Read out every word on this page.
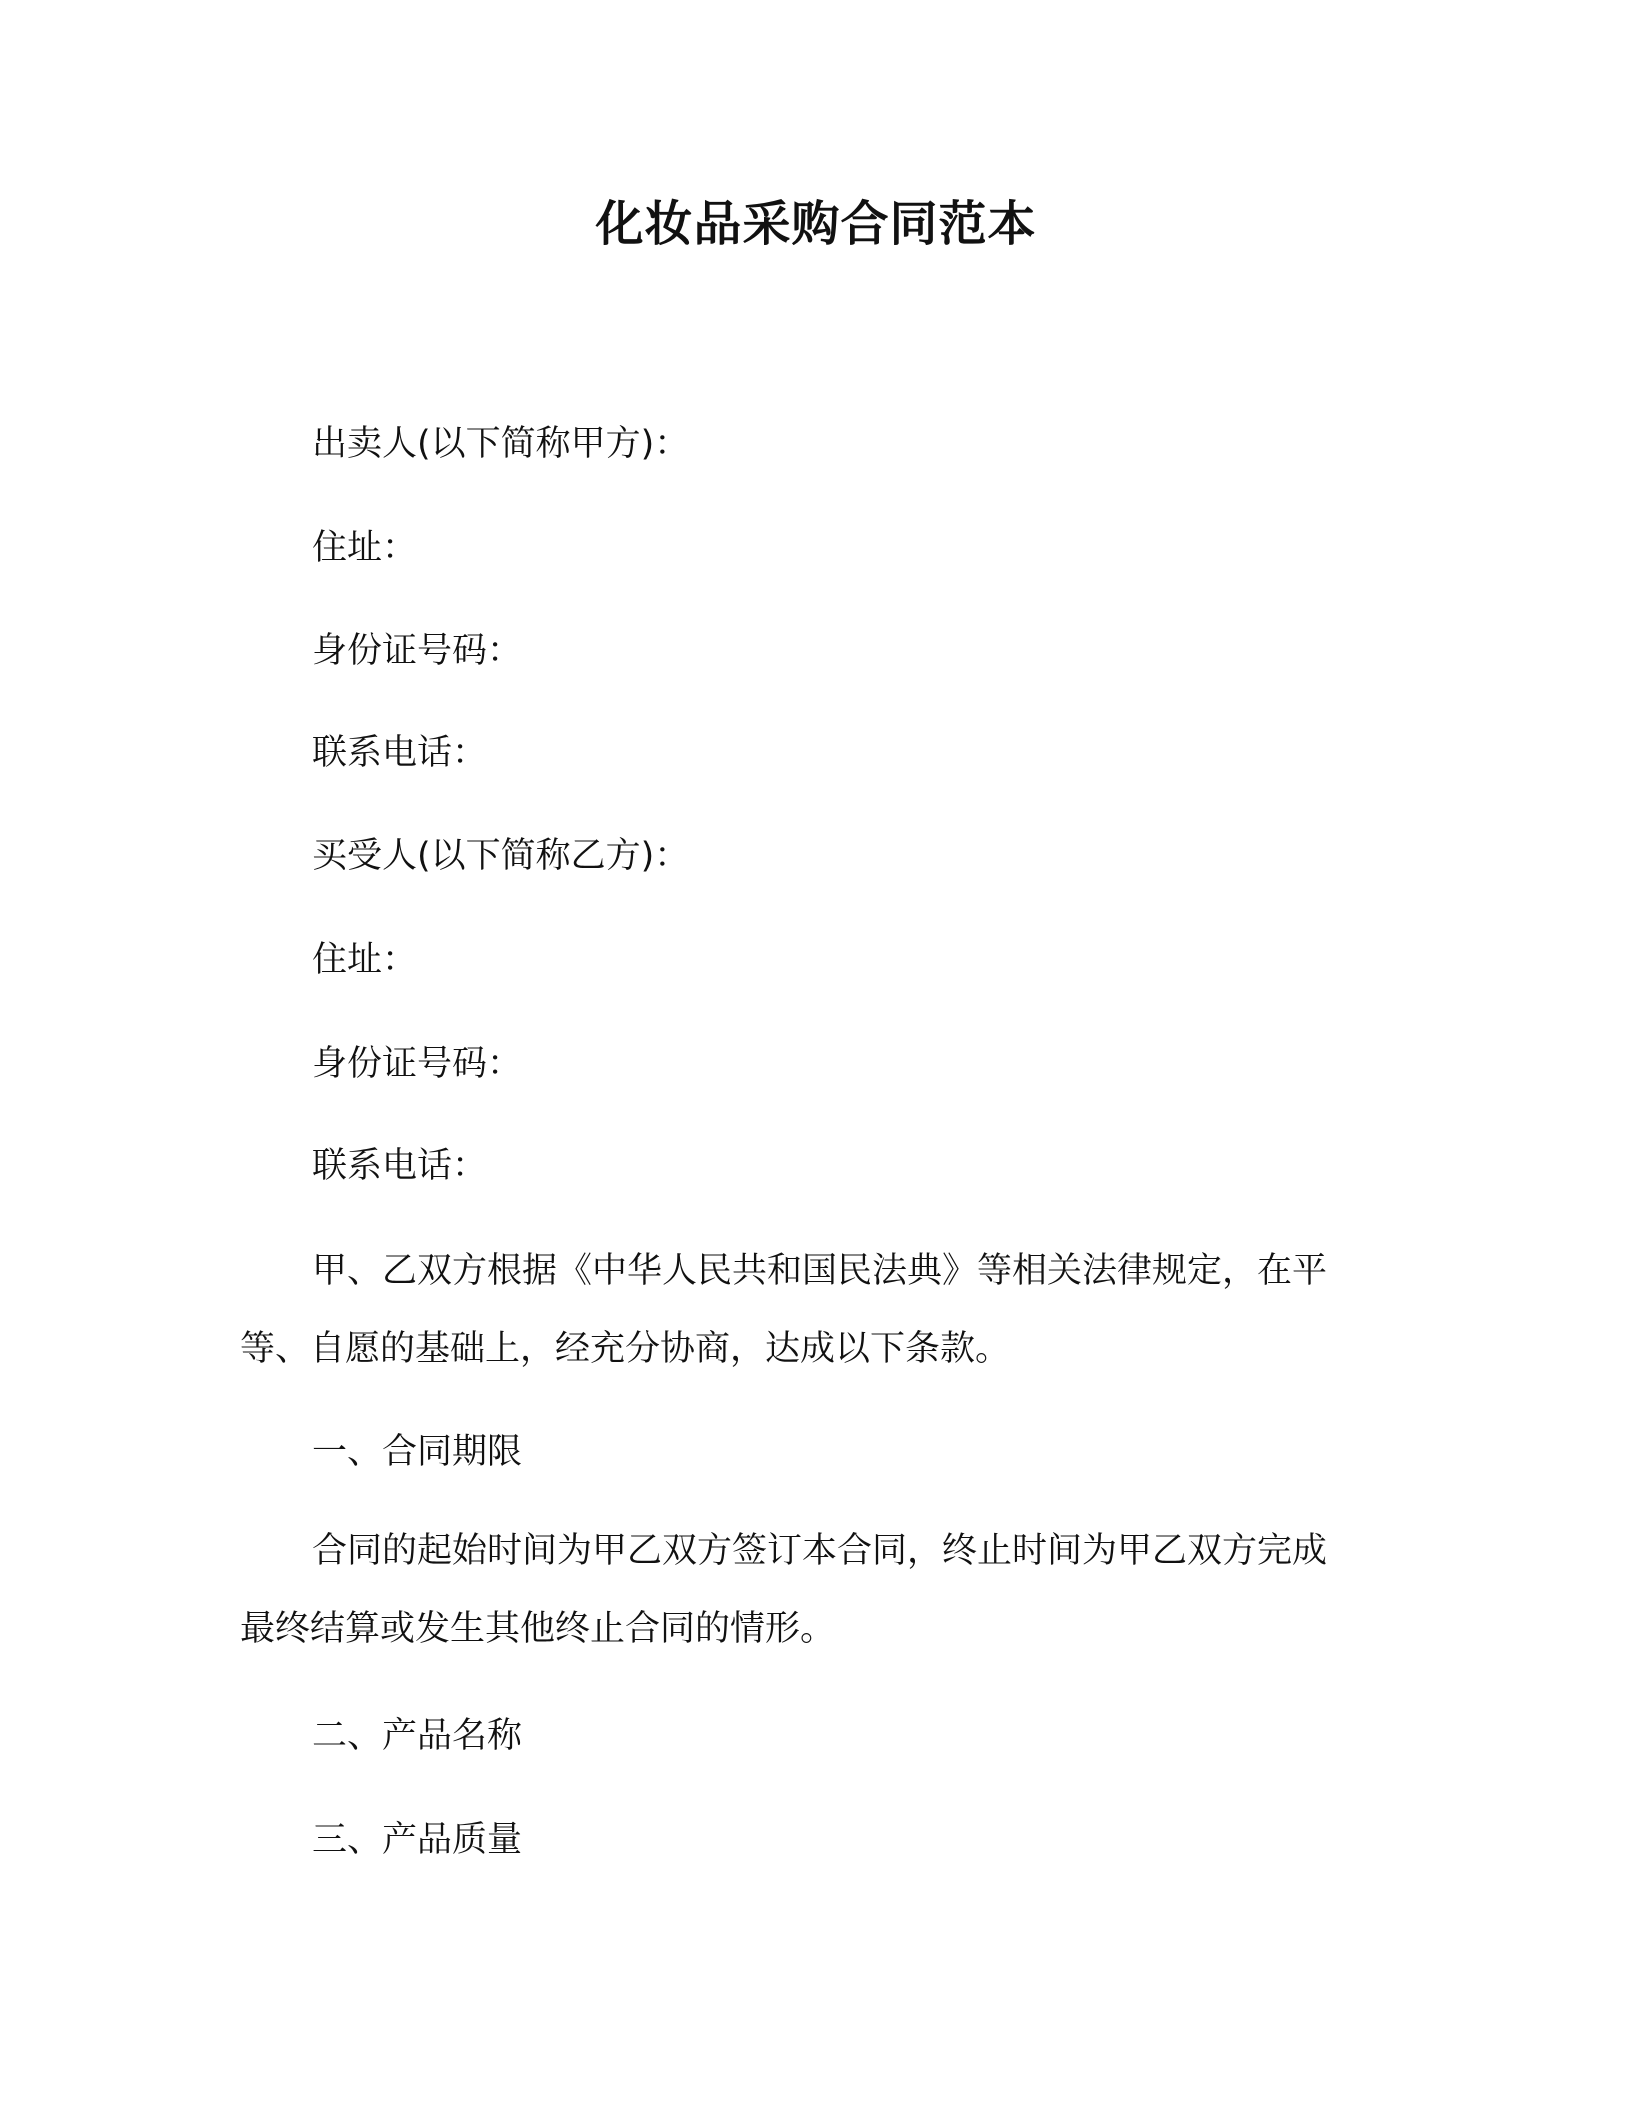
化妆品采购合同范本
出卖人(以下简称甲方)：
住址：
身份证号码：
联系电话：
买受人(以下简称乙方)：
住址：
身份证号码：
联系电话：

甲、乙双方根据《中华人民共和国民法典》等相关法律规定，在平等、自愿的基础上，经充分协商，达成以下条款。

一、合同期限

合同的起始时间为甲乙双方签订本合同，终止时间为甲乙双方完成最终结算或发生其他终止合同的情形。

二、产品名称
三、产品质量
